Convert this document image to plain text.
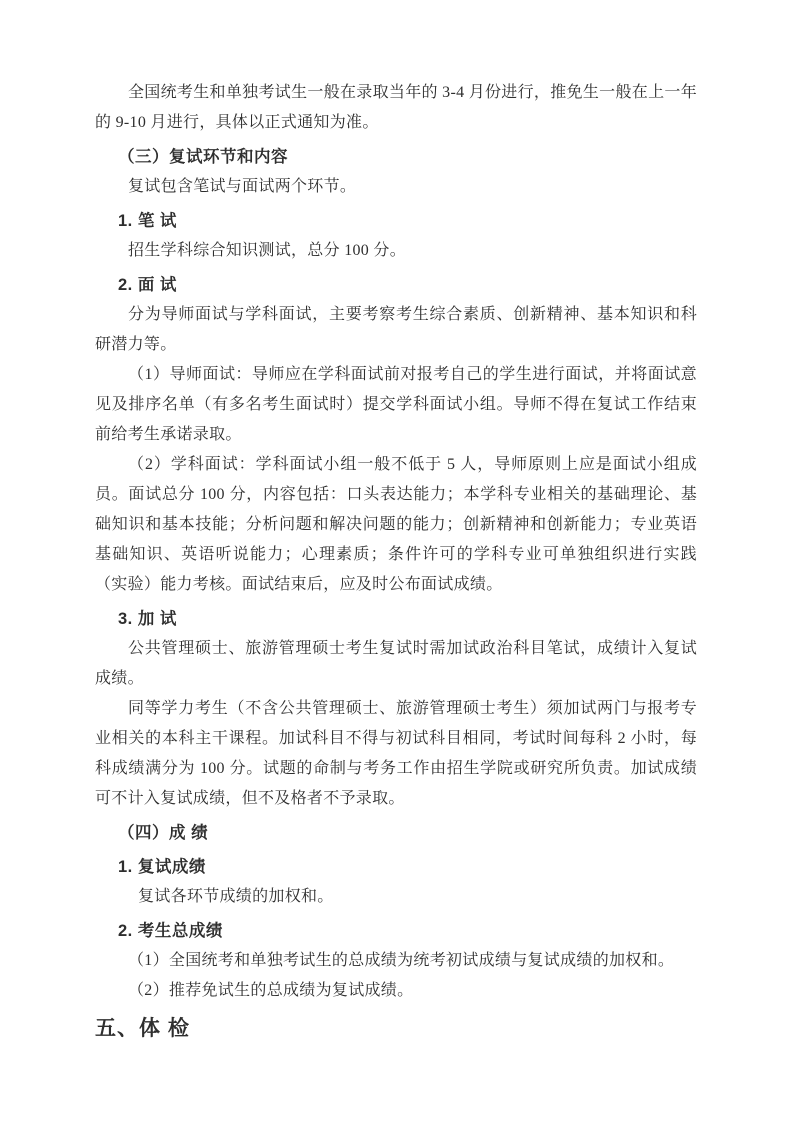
全国统考生和单独考试生一般在录取当年的 3-4 月份进行，推免生一般在上一年的 9-10 月进行，具体以正式通知为准。

（三）复试环节和内容

复试包含笔试与面试两个环节。

1. 笔 试

招生学科综合知识测试，总分 100 分。

2. 面 试

分为导师面试与学科面试，主要考察考生综合素质、创新精神、基本知识和科研潜力等。

（1）导师面试：导师应在学科面试前对报考自己的学生进行面试，并将面试意见及排序名单（有多名考生面试时）提交学科面试小组。导师不得在复试工作结束前给考生承诺录取。

（2）学科面试：学科面试小组一般不低于 5 人，导师原则上应是面试小组成员。面试总分 100 分，内容包括：口头表达能力；本学科专业相关的基础理论、基础知识和基本技能；分析问题和解决问题的能力；创新精神和创新能力；专业英语基础知识、英语听说能力；心理素质；条件许可的学科专业可单独组织进行实践（实验）能力考核。面试结束后，应及时公布面试成绩。

3. 加 试

公共管理硕士、旅游管理硕士考生复试时需加试政治科目笔试，成绩计入复试成绩。

同等学力考生（不含公共管理硕士、旅游管理硕士考生）须加试两门与报考专业相关的本科主干课程。加试科目不得与初试科目相同，考试时间每科 2 小时，每科成绩满分为 100 分。试题的命制与考务工作由招生学院或研究所负责。加试成绩可不计入复试成绩，但不及格者不予录取。

（四）成 绩

1. 复试成绩

复试各环节成绩的加权和。

2. 考生总成绩

（1）全国统考和单独考试生的总成绩为统考初试成绩与复试成绩的加权和。

（2）推荐免试生的总成绩为复试成绩。

五、体 检
